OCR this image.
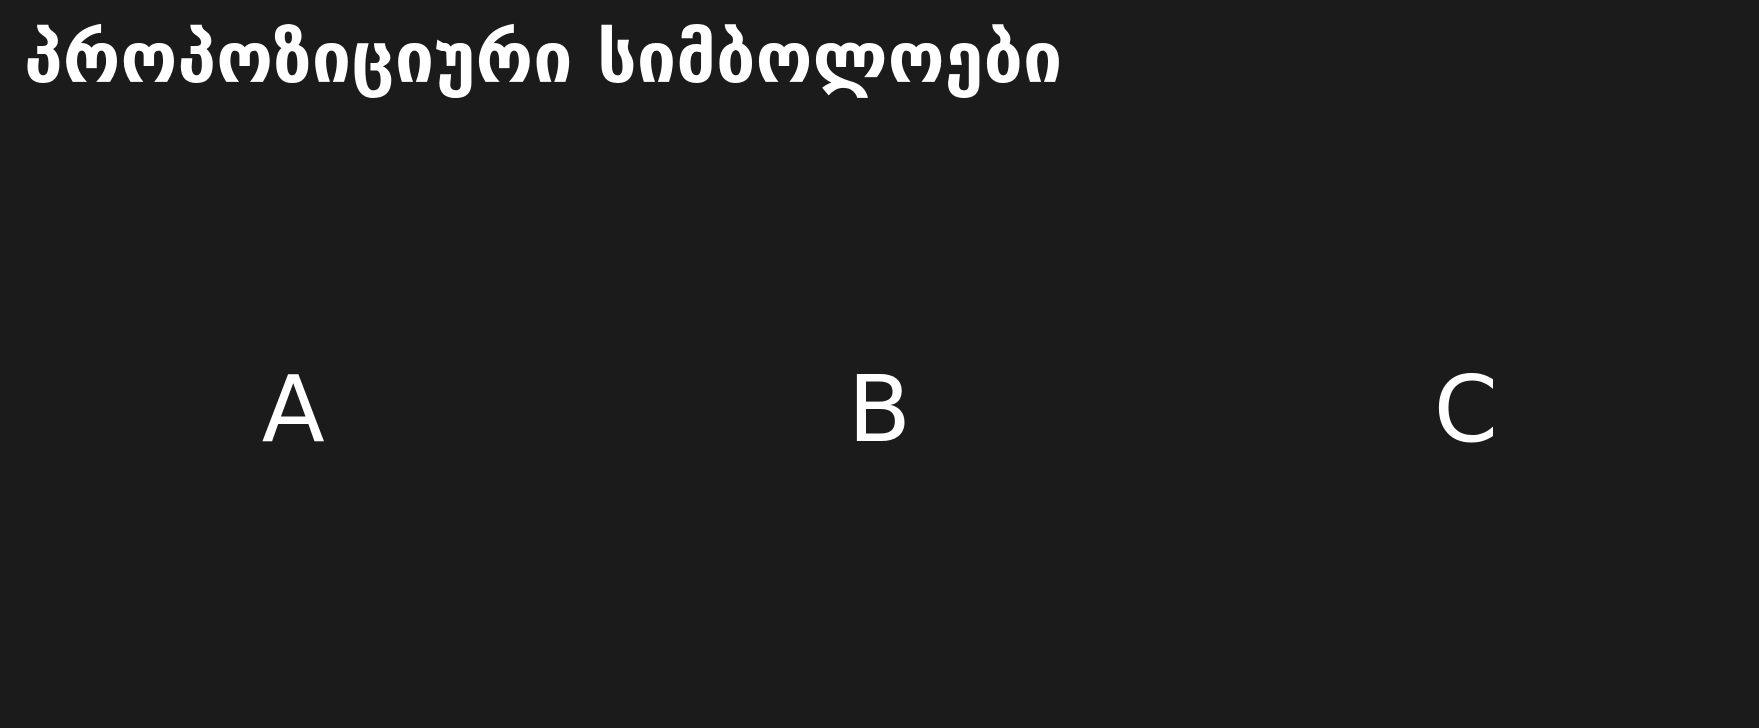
პროპოზიციური სიმბოლოები
A	B	C
